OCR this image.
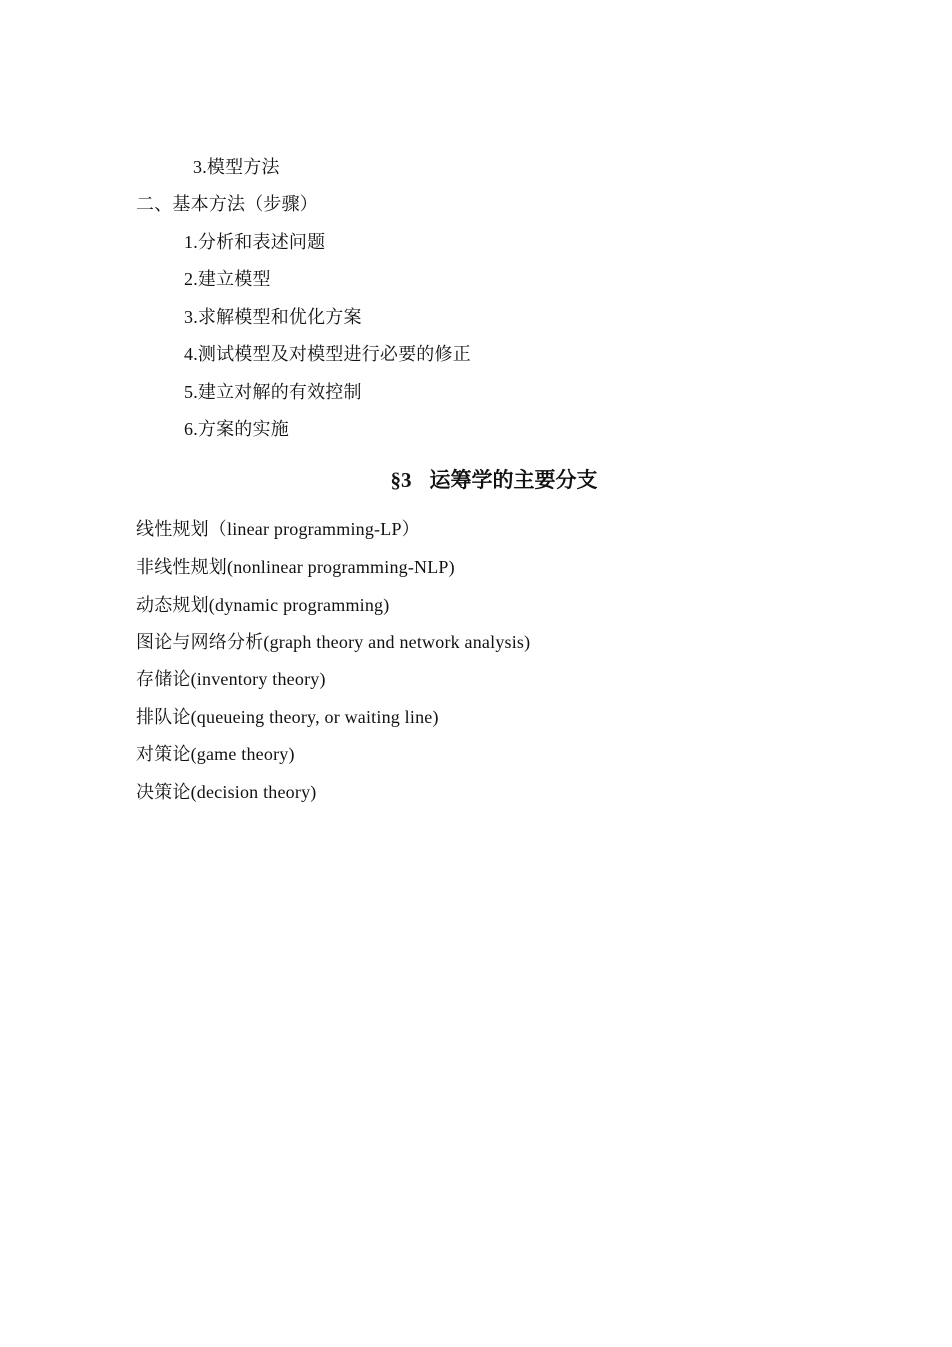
3.模型方法
二、基本方法（步骤）
1.分析和表述问题
2.建立模型
3.求解模型和优化方案
4.测试模型及对模型进行必要的修正
5.建立对解的有效控制
6.方案的实施
§3 运筹学的主要分支
线性规划（linear programming-LP）
非线性规划(nonlinear programming-NLP)
动态规划(dynamic programming)
图论与网络分析(graph theory and network analysis)
存储论(inventory theory)
排队论(queueing theory, or waiting line)
对策论(game theory)
决策论(decision theory)
